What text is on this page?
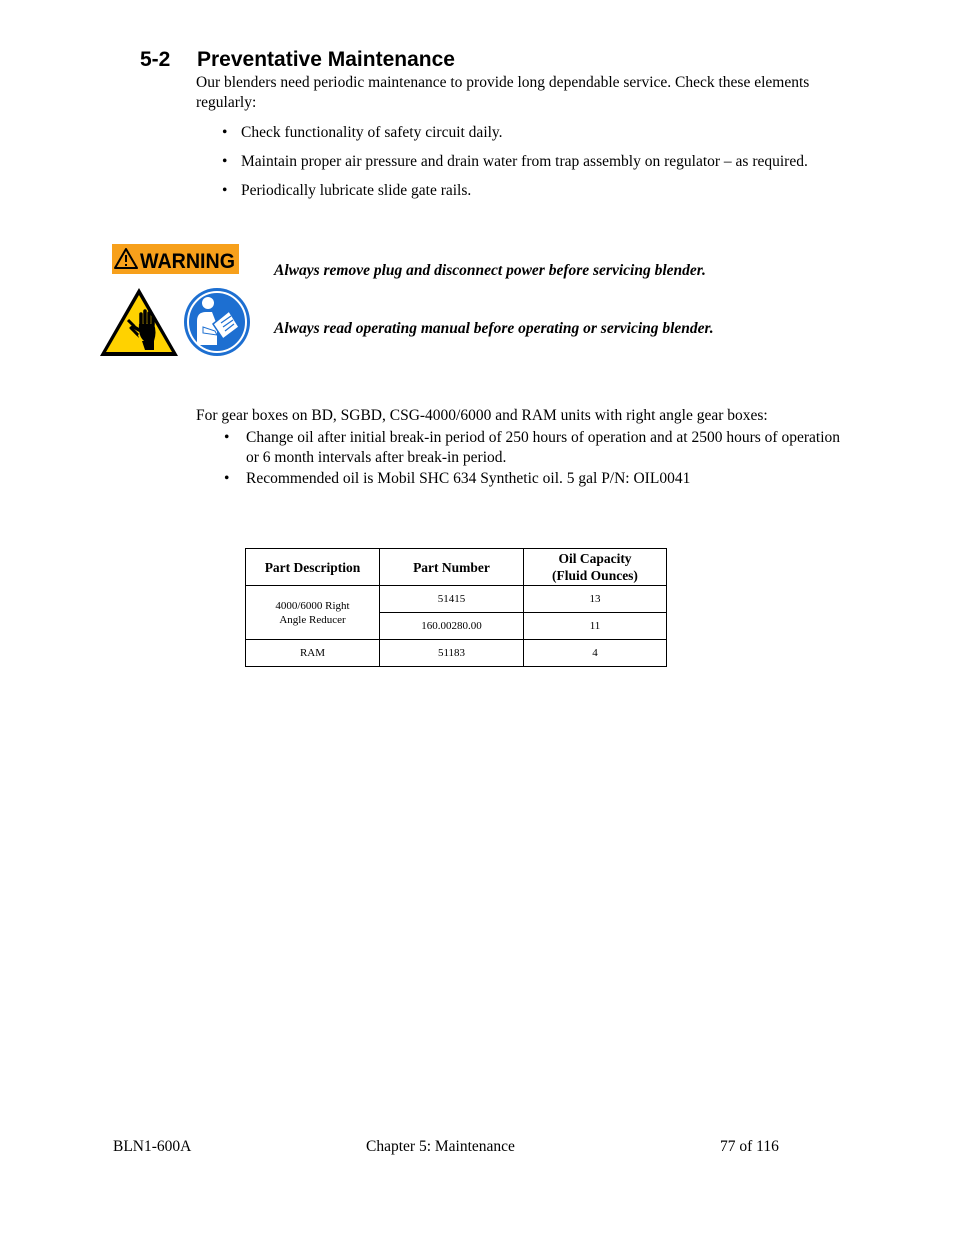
5-2 Preventative Maintenance
Our blenders need periodic maintenance to provide long dependable service. Check these elements regularly:
• Check functionality of safety circuit daily.
• Maintain proper air pressure and drain water from trap assembly on regulator – as required.
• Periodically lubricate slide gate rails.
WARNING	Always remove plug and disconnect power before servicing blender.
Always read operating manual before operating or servicing blender.
For gear boxes on BD, SGBD, CSG-4000/6000 and RAM units with right angle gear boxes:
• Change oil after initial break-in period of 250 hours of operation and at 2500 hours of operation or 6 month intervals after break-in period.
• Recommended oil is Mobil SHC 634 Synthetic oil. 5 gal P/N: OIL0041
Part Description	Part Number	Oil Capacity
(Fluid Ounces)

4000/6000 Right
Angle Reducer	51415	13
	160.00280.00	11
RAM	51183	4
BLN1-600A	Chapter 5: Maintenance	77 of 116
